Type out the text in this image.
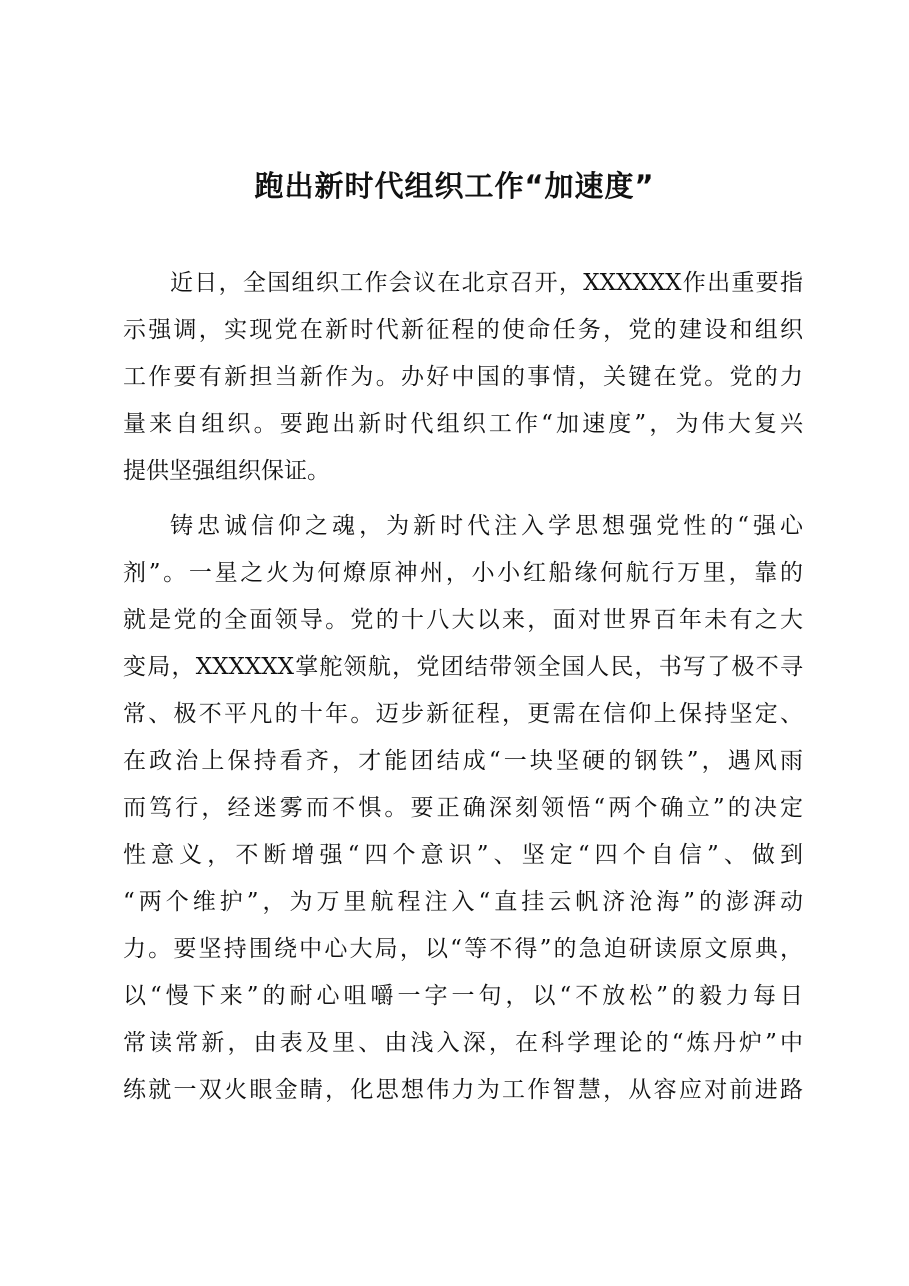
跑出新时代组织工作“加速度”
近日，全国组织工作会议在北京召开，XXXXXX作出重要指
示强调，实现党在新时代新征程的使命任务，党的建设和组织
工作要有新担当新作为。办好中国的事情，关键在党。党的力
量来自组织。要跑出新时代组织工作“加速度”，为伟大复兴
提供坚强组织保证。
铸忠诚信仰之魂，为新时代注入学思想强党性的“强心
剂”。一星之火为何燎原神州，小小红船缘何航行万里，靠的
就是党的全面领导。党的十八大以来，面对世界百年未有之大
变局，XXXXXX掌舵领航，党团结带领全国人民，书写了极不寻
常、极不平凡的十年。迈步新征程，更需在信仰上保持坚定、
在政治上保持看齐，才能团结成“一块坚硬的钢铁”，遇风雨
而笃行，经迷雾而不惧。要正确深刻领悟“两个确立”的决定
性意义，不断增强“四个意识”、坚定“四个自信”、做到
“两个维护”，为万里航程注入“直挂云帆济沧海”的澎湃动
力。要坚持围绕中心大局，以“等不得”的急迫研读原文原典，
以“慢下来”的耐心咀嚼一字一句，以“不放松”的毅力每日
常读常新，由表及里、由浅入深，在科学理论的“炼丹炉”中
练就一双火眼金睛，化思想伟力为工作智慧，从容应对前进路
